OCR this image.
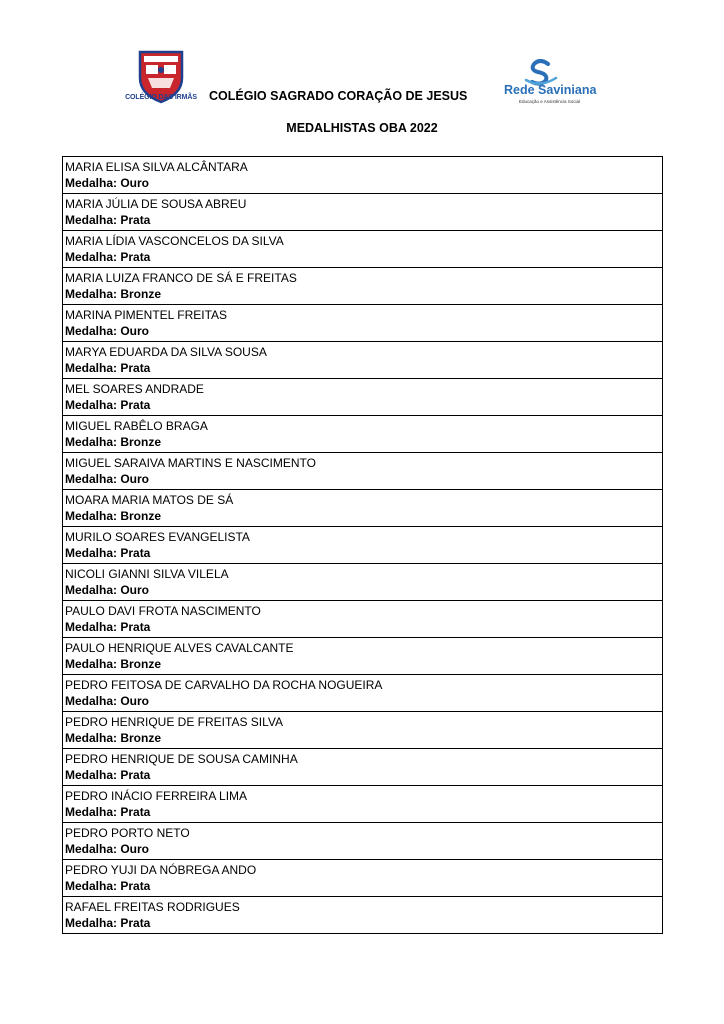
COLÉGIO DAS IRMÃS COLÉGIO SAGRADO CORAÇÃO DE JESUS	Rede Saviniana
Educação e Assistência Social
MEDALHISTAS OBA 2022
MARIA ELISA SILVA ALCÂNTARA
Medalha: Ouro
MARIA JÚLIA DE SOUSA ABREU
Medalha: Prata
MARIA LÍDIA VASCONCELOS DA SILVA
Medalha: Prata
MARIA LUIZA FRANCO DE SÁ E FREITAS
Medalha: Bronze
MARINA PIMENTEL FREITAS
Medalha: Ouro
MARYA EDUARDA DA SILVA SOUSA
Medalha: Prata
MEL SOARES ANDRADE
Medalha: Prata
MIGUEL RABÊLO BRAGA
Medalha: Bronze
MIGUEL SARAIVA MARTINS E NASCIMENTO
Medalha: Ouro
MOARA MARIA MATOS DE SÁ
Medalha: Bronze
MURILO SOARES EVANGELISTA
Medalha: Prata
NICOLI GIANNI SILVA VILELA
Medalha: Ouro
PAULO DAVI FROTA NASCIMENTO
Medalha: Prata
PAULO HENRIQUE ALVES CAVALCANTE
Medalha: Bronze
PEDRO FEITOSA DE CARVALHO DA ROCHA NOGUEIRA
Medalha: Ouro
PEDRO HENRIQUE DE FREITAS SILVA
Medalha: Bronze
PEDRO HENRIQUE DE SOUSA CAMINHA
Medalha: Prata
PEDRO INÁCIO FERREIRA LIMA
Medalha: Prata
PEDRO PORTO NETO
Medalha: Ouro
PEDRO YUJI DA NÓBREGA ANDO
Medalha: Prata
RAFAEL FREITAS RODRIGUES
Medalha: Prata
